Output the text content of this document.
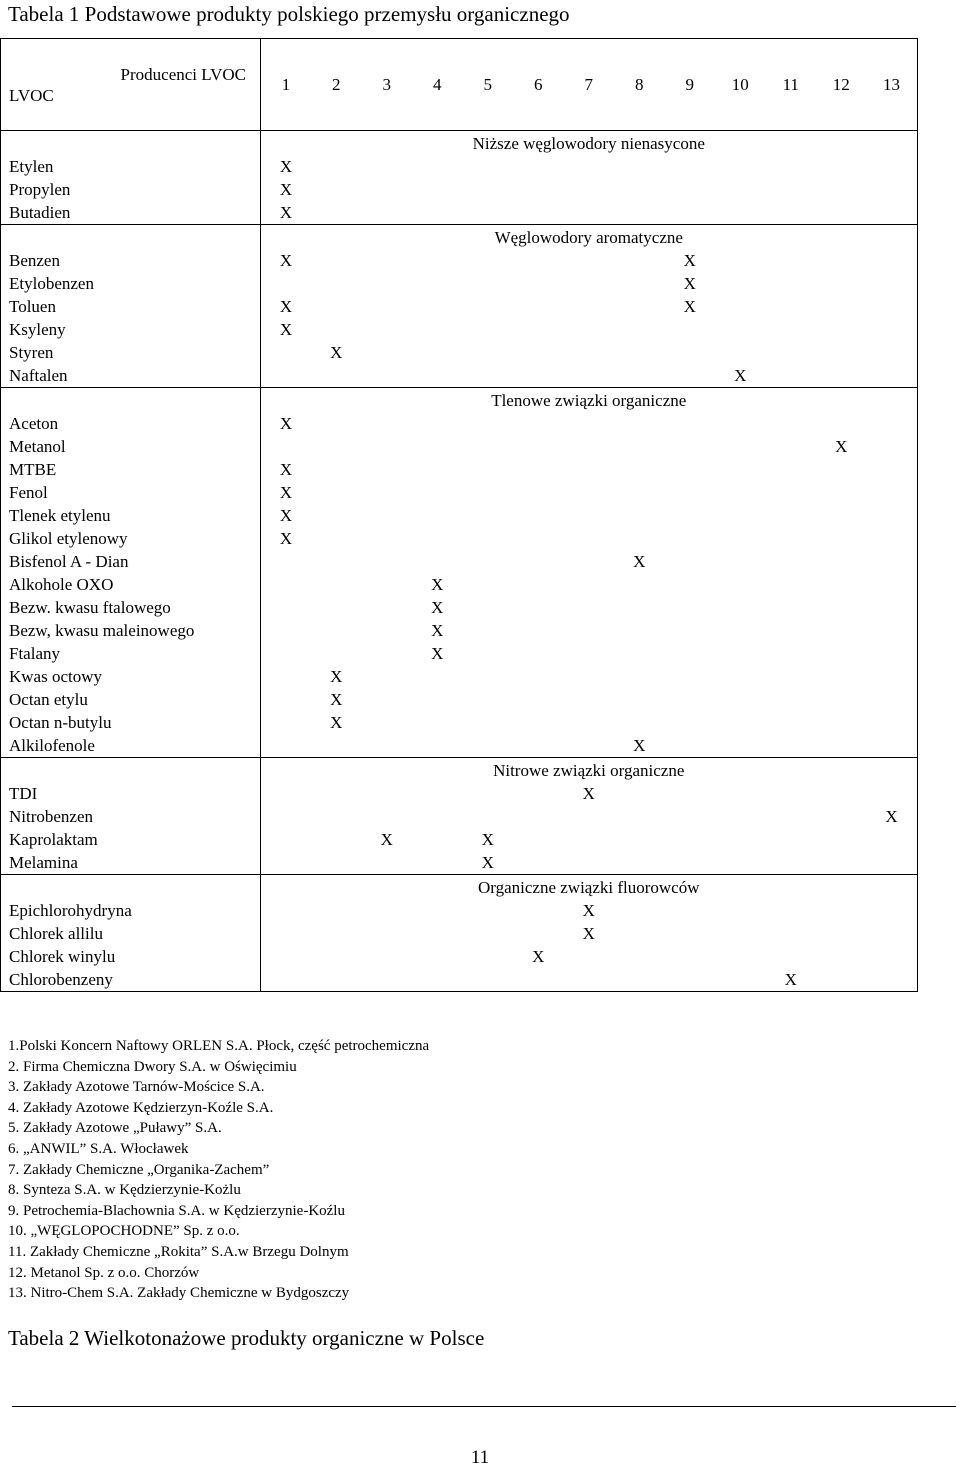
Tabela 1 Podstawowe produkty polskiego przemysłu organicznego
LVOC
Producenci LVOC	1	2	3	4	5	6	7	8	9	10	11	12	13
	Niższe węglowodory nienasycone												
Etylen	X												
Propylen	X												
Butadien	X												
	Węglowodory aromatyczne												
Benzen	X								X				
Etylobenzen									X				
Toluen	X								X				
Ksyleny	X												
Styren		X											
Naftalen										X			
	Tlenowe związki organiczne												
Aceton	X												
Metanol												X	
MTBE	X												
Fenol	X												
Tlenek etylenu	X												
Glikol etylenowy	X												
Bisfenol A - Dian								X					
Alkohole OXO				X									
Bezw. kwasu ftalowego				X									
Bezw, kwasu maleinowego				X									
Ftalany				X									
Kwas octowy		X											
Octan etylu		X											
Octan n-butylu		X											
Alkilofenole								X					
	Nitrowe związki organiczne												
TDI							X						
Nitrobenzen													X
Kaprolaktam			X		X								
Melamina					X								
	Organiczne związki fluorowców												
Epichlorohydryna							X						
Chlorek allilu							X						
Chlorek winylu						X							
Chlorobenzeny											X		
1.Polski Koncern Naftowy ORLEN S.A. Płock, część petrochemiczna
2. Firma Chemiczna Dwory S.A. w Oświęcimiu
3. Zakłady Azotowe Tarnów-Mościce S.A.
4. Zakłady Azotowe Kędzierzyn-Koźle S.A.
5. Zakłady Azotowe „Puławy” S.A.
6. „ANWIL” S.A. Włocławek
7. Zakłady Chemiczne „Organika-Zachem”
8. Synteza S.A. w Kędzierzynie-Kożlu
9. Petrochemia-Blachownia S.A. w Kędzierzynie-Koźlu
10. „WĘGLOPOCHODNE” Sp. z o.o.
11. Zakłady Chemiczne „Rokita” S.A.w Brzegu Dolnym
12. Metanol Sp. z o.o. Chorzów
13. Nitro-Chem S.A. Zakłady Chemiczne w Bydgoszczy
Tabela 2 Wielkotonażowe produkty organiczne w Polsce
11
